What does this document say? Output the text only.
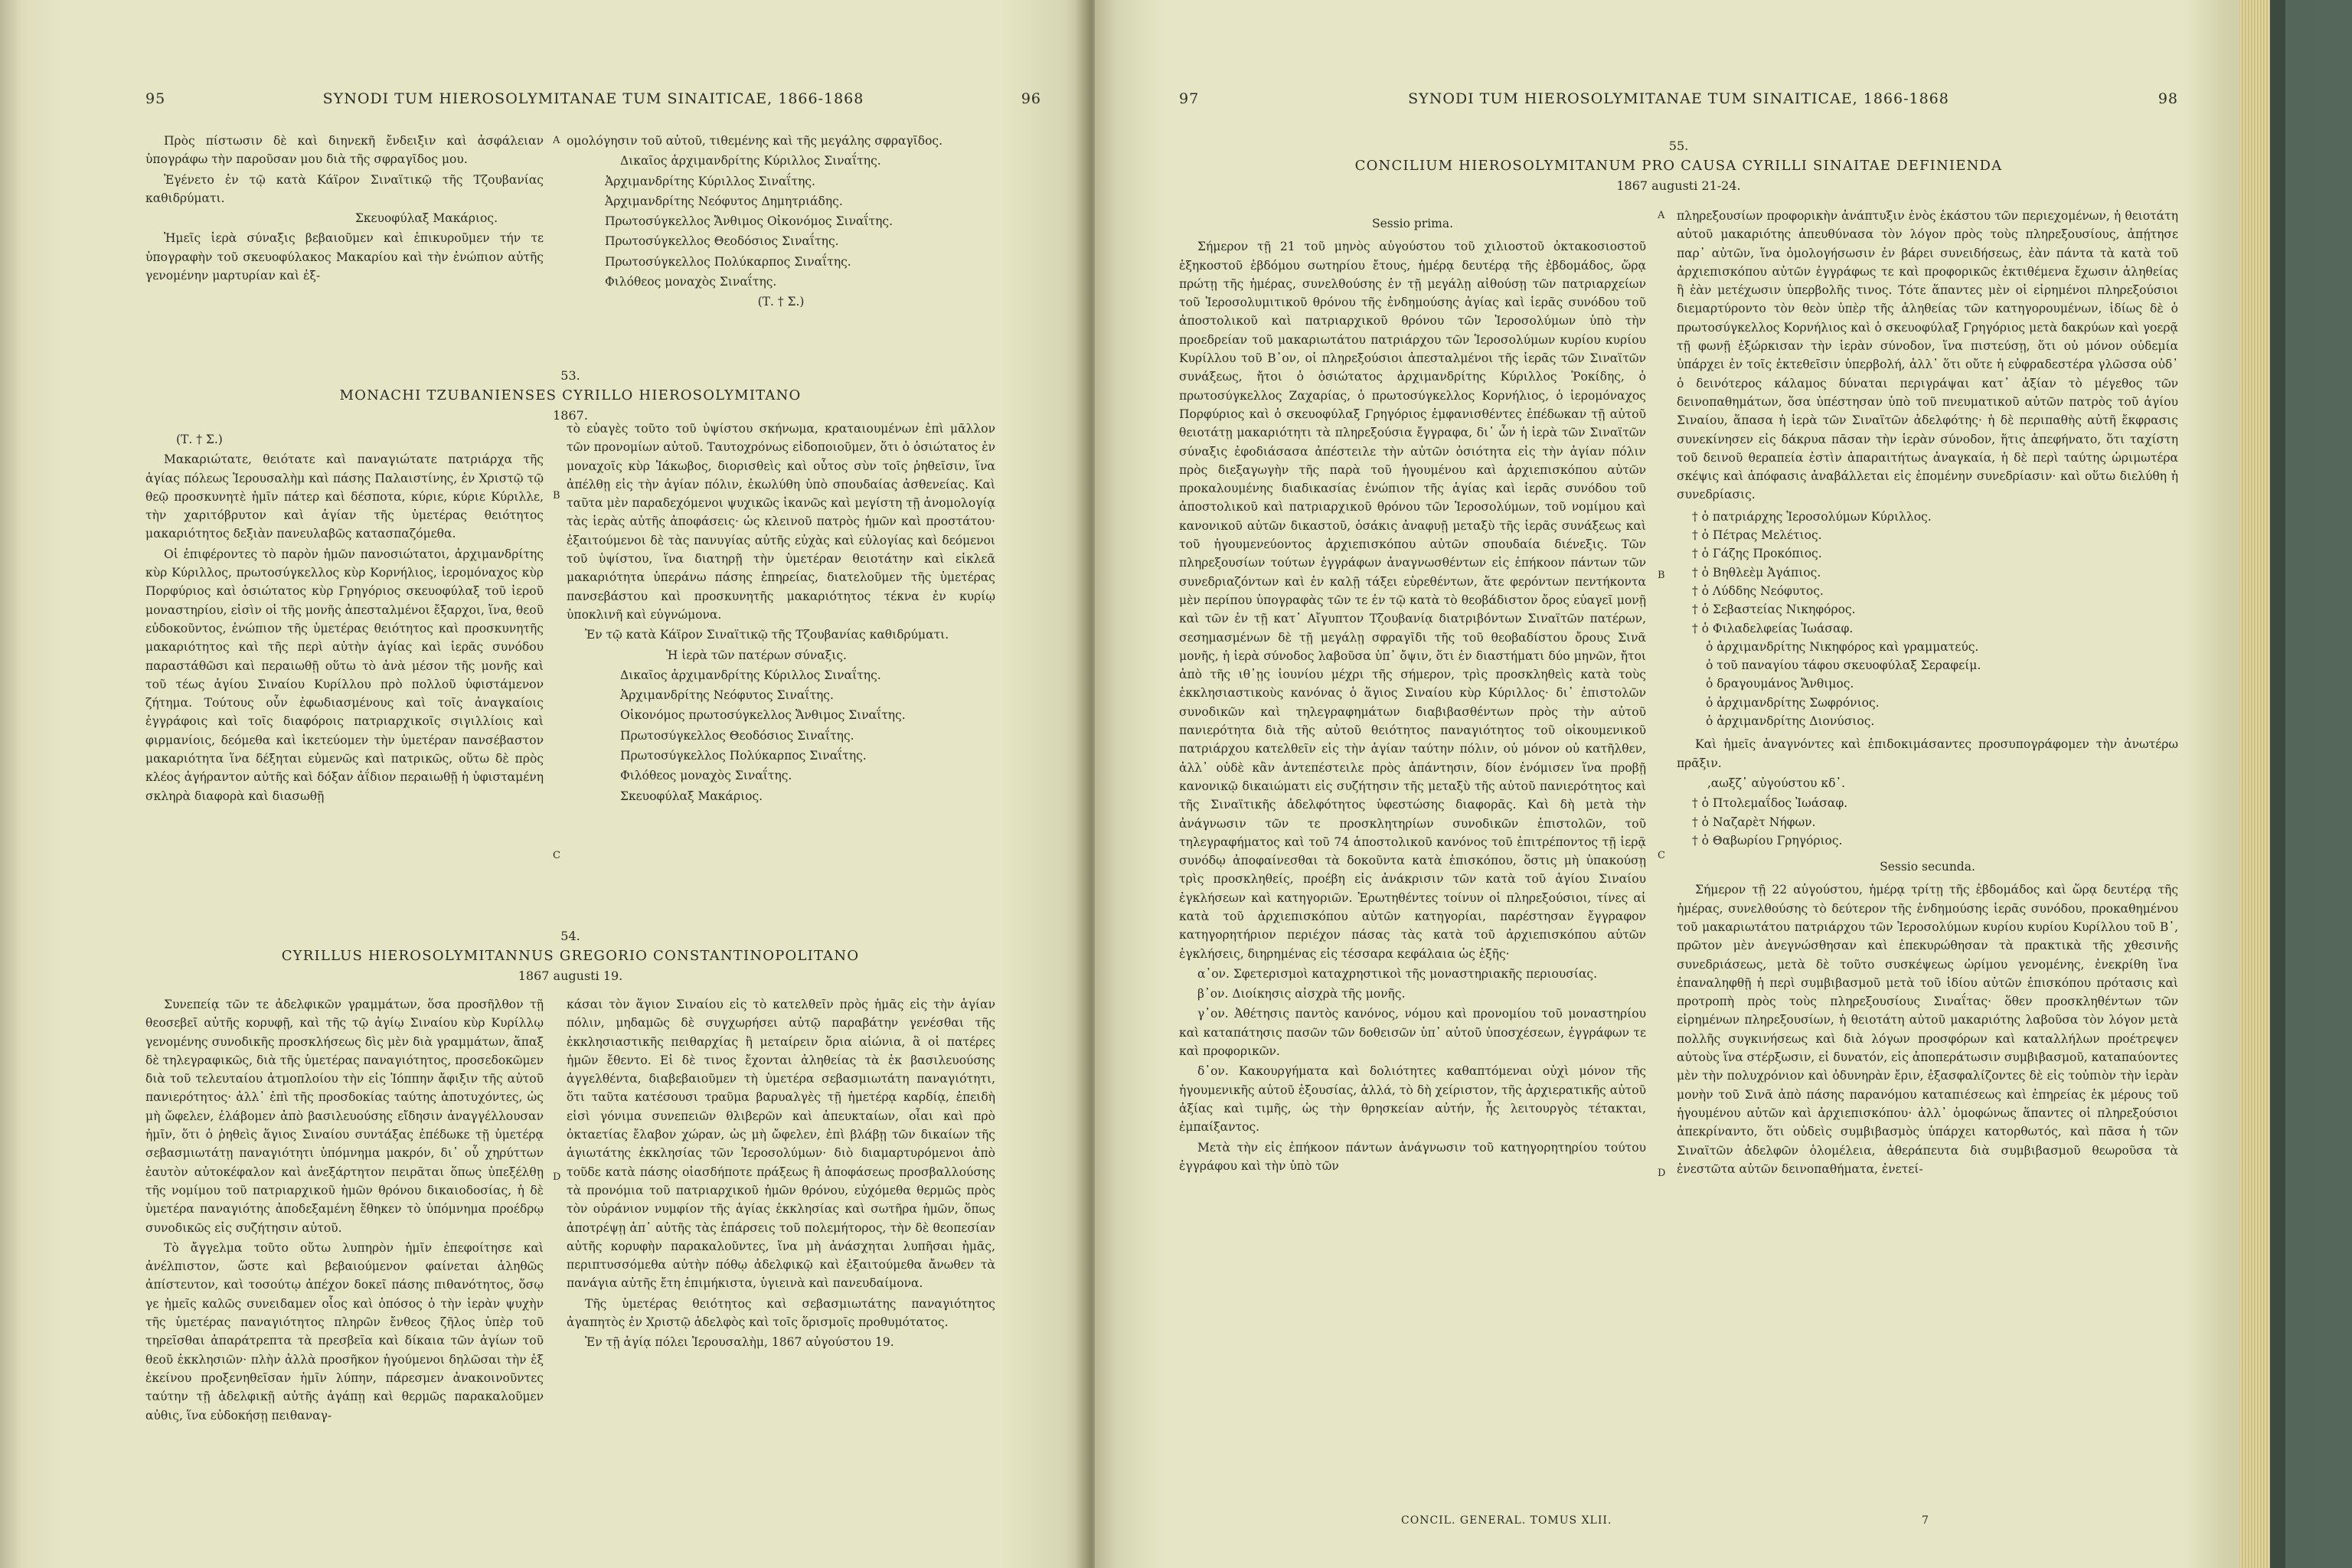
95	SYNODI TUM HIEROSOLYMITANAE TUM SINAITICAE, 1866-1868	96

Πρὸς πίστωσιν δὲ καὶ διηνεκῆ ἔνδειξιν καὶ ἀσφάλειαν ὑπογράφω τὴν παροῦσαν μου διὰ τῆς σφραγῖδος μου.

Ἐγένετο ἐν τῷ κατὰ Κάϊρον Σιναϊτικῷ τῆς Τζουβανίας καθιδρύματι.

Σκευοφύλαξ Μακάριος.

Ἡμεῖς ἱερὰ σύναξις βεβαιοῦμεν καὶ ἐπικυροῦμεν τήν τε ὑπογραφὴν τοῦ σκευοφύλακος Μακαρίου καὶ τὴν ἐνώπιον αὐτῆς γενομένην μαρτυρίαν καὶ ἐξ-

ομολόγησιν τοῦ αὐτοῦ, τιθεμένης καὶ τῆς μεγάλης σφραγῖδος.

Δικαῖος ἀρχιμανδρίτης Κύριλλος Σιναΐτης.

Ἀρχιμανδρίτης Κύριλλος Σιναΐτης.

Ἀρχιμανδρίτης Νεόφυτος Δημητριάδης.

Πρωτοσύγκελλος Ἄνθιμος Οἰκονόμος Σιναΐτης.

Πρωτοσύγκελλος Θεοδόσιος Σιναΐτης.

Πρωτοσύγκελλος Πολύκαρπος Σιναΐτης.

Φιλόθεος μοναχὸς Σιναΐτης.

(Τ. † Σ.)

A
53.
MONACHI TZUBANIENSES CYRILLO HIEROSOLYMITANO
1867.

(Τ. † Σ.)

Μακαριώτατε, θειότατε καὶ παναγιώτατε πατριάρχα τῆς ἁγίας πόλεως Ἱερουσαλὴμ καὶ πάσης Παλαιστίνης, ἐν Χριστῷ τῷ θεῷ προσκυνητὲ ἡμῖν πάτερ καὶ δέσποτα, κύριε, κύριε Κύριλλε, τὴν χαριτόβρυτον καὶ ἁγίαν τῆς ὑμετέρας θειότητος μακαριότητος δεξιὰν πανευλαβῶς κατασπαζόμεθα.

Οἱ ἐπιφέροντες τὸ παρὸν ἡμῶν πανοσιώτατοι, ἀρχιμανδρίτης κὺρ Κύριλλος, πρωτοσύγκελλος κὺρ Κορνήλιος, ἱερομόναχος κὺρ Πορφύριος καὶ ὁσιώτατος κὺρ Γρηγόριος σκευοφύλαξ τοῦ ἱεροῦ μοναστηρίου, εἰσὶν οἱ τῆς μονῆς ἀπεσταλμένοι ἔξαρχοι, ἵνα, θεοῦ εὐδοκοῦντος, ἐνώπιον τῆς ὑμετέρας θειότητος καὶ προσκυνητῆς μακαριότητος καὶ τῆς περὶ αὐτὴν ἁγίας καὶ ἱερᾶς συνόδου παραστάθῶσι καὶ περαιωθῇ οὕτω τὸ ἀνὰ μέσον τῆς μονῆς καὶ τοῦ τέως ἁγίου Σιναίου Κυρίλλου πρὸ πολλοῦ ὑφιστάμενον ζήτημα. Τούτους οὖν ἐφωδιασμένους καὶ τοῖς ἀναγκαίοις ἐγγράφοις καὶ τοῖς διαφόροις πατριαρχικοῖς σιγιλλίοις καὶ φιρμανίοις, δεόμεθα καὶ ἱκετεύομεν τὴν ὑμετέραν πανσέβαστον μακαριότητα ἵνα δέξηται εὐμενῶς καὶ πατρικῶς, οὕτω δὲ πρὸς κλέος ἀγήραντον αὐτῆς καὶ δόξαν ἀΐδιον περαιωθῇ ἡ ὑφισταμένη σκληρὰ διαφορὰ καὶ διασωθῇ

τὸ εὐαγὲς τοῦτο τοῦ ὑψίστου σκήνωμα, κραταιουμένων ἐπὶ μᾶλλον τῶν προνομίων αὐτοῦ. Ταυτοχρόνως εἰδοποιοῦμεν, ὅτι ὁ ὁσιώτατος ἐν μοναχοῖς κὺρ Ἰάκωβος, διορισθεὶς καὶ οὗτος σὺν τοῖς ῥηθεῖσιν, ἵνα ἀπέλθῃ εἰς τὴν ἁγίαν πόλιν, ἐκωλύθη ὑπὸ σπουδαίας ἀσθενείας. Καὶ ταῦτα μὲν παραδεχόμενοι ψυχικῶς ἱκανῶς καὶ μεγίστη τῇ ἀνομολογίᾳ τὰς ἱερὰς αὐτῆς ἀποφάσεις· ὡς κλεινοῦ πατρὸς ἡμῶν καὶ προστάτου· ἐξαιτούμενοι δὲ τὰς πανυγίας αὐτῆς εὐχὰς καὶ εὐλογίας καὶ δεόμενοι τοῦ ὑψίστου, ἵνα διατηρῇ τὴν ὑμετέραν θειοτάτην καὶ εἰκλεᾶ μακαριότητα ὑπεράνω πάσης ἐπηρείας, διατελοῦμεν τῆς ὑμετέρας πανσεβάστου καὶ προσκυνητῆς μακαριότητος τέκνα ἐν κυρίῳ ὑποκλινῆ καὶ εὐγνώμονα.

Ἐν τῷ κατὰ Κάϊρον Σιναϊτικῷ τῆς Τζουβανίας καθιδρύματι.

Ἡ ἱερὰ τῶν πατέρων σύναξις.

Δικαῖος ἀρχιμανδρίτης Κύριλλος Σιναΐτης.

Ἀρχιμανδρίτης Νεόφυτος Σιναΐτης.

Οἰκονόμος πρωτοσύγκελλος Ἄνθιμος Σιναΐτης.

Πρωτοσύγκελλος Θεοδόσιος Σιναΐτης.

Πρωτοσύγκελλος Πολύκαρπος Σιναΐτης.

Φιλόθεος μοναχὸς Σιναΐτης.

Σκευοφύλαξ Μακάριος.

B
C
54.
CYRILLUS HIEROSOLYMITANNUS GREGORIO CONSTANTINOPOLITANO
1867 augusti 19.

Συνεπείᾳ τῶν τε ἀδελφικῶν γραμμάτων, ὅσα προσῆλθον τῇ θεοσεβεῖ αὐτῆς κορυφῇ, καὶ τῆς τῷ ἁγίῳ Σιναίου κὺρ Κυρίλλῳ γενομένης συνοδικῆς προσκλήσεως δὶς μὲν διὰ γραμμάτων, ἅπαξ δὲ τηλεγραφικῶς, διὰ τῆς ὑμετέρας παναγιότητος, προσεδοκῶμεν διὰ τοῦ τελευταίου ἀτμοπλοίου τὴν εἰς Ἰόππην ἄφιξιν τῆς αὐτοῦ πανιερότητος· ἀλλ᾽ ἐπὶ τῆς προσδοκίας ταύτης ἀποτυχόντες, ὡς μὴ ὤφελεν, ἐλάβομεν ἀπὸ βασιλευούσης εἴδησιν ἀναγγέλλουσαν ἡμῖν, ὅτι ὁ ῥηθεὶς ἅγιος Σιναίου συντάξας ἐπέδωκε τῇ ὑμετέρᾳ σεβασμιωτάτῃ παναγιότητι ὑπόμνημα μακρόν, δι᾽ οὗ χηρύττων ἑαυτὸν αὐτοκέφαλον καὶ ἀνεξάρτητον πειρᾶται ὅπως ὑπεξέλθῃ τῆς νομίμου τοῦ πατριαρχικοῦ ἡμῶν θρόνου δικαιοδοσίας, ἡ δὲ ὑμετέρα παναγιότης ἀποδεξαμένη ἔθηκεν τὸ ὑπόμνημα προέδρῳ συνοδικῶς εἰς συζήτησιν αὐτοῦ.

Τὸ ἄγγελμα τοῦτο οὕτω λυπηρὸν ἡμῖν ἐπεφοίτησε καὶ ἀνέλπιστον, ὥστε καὶ βεβαιούμενον φαίνεται ἀληθῶς ἀπίστευτον, καὶ τοσούτῳ ἀπέχον δοκεῖ πάσης πιθανότητος, ὅσῳ γε ἡμεῖς καλῶς συνειδαμεν οἷος καὶ ὁπόσος ὁ τὴν ἱερὰν ψυχὴν τῆς ὑμετέρας παναγιότητος πληρῶν ἔνθεος ζῆλος ὑπὲρ τοῦ τηρεῖσθαι ἀπαράτρεπτα τὰ πρεσβεῖα καὶ δίκαια τῶν ἁγίων τοῦ θεοῦ ἐκκλησιῶν· πλὴν ἀλλὰ προσῆκον ἡγούμενοι δηλῶσαι τὴν ἐξ ἐκείνου προξενηθεῖσαν ἡμῖν λύπην, πάρεσμεν ἀνακοινοῦντες ταύτην τῇ ἀδελφικῇ αὐτῆς ἀγάπῃ καὶ θερμῶς παρακαλοῦμεν αὐθις, ἵνα εὐδοκήσῃ πειθαναγ-

κάσαι τὸν ἅγιον Σιναίου εἰς τὸ κατελθεῖν πρὸς ἡμᾶς εἰς τὴν ἁγίαν πόλιν, μηδαμῶς δὲ συγχωρήσει αὐτῷ παραβάτην γενέσθαι τῆς ἐκκλησιαστικῆς πειθαρχίας ἢ μεταίρειν ὅρια αἰώνια, ἃ οἱ πατέρες ἡμῶν ἔθεντο. Εἰ δὲ τινος ἔχονται ἀληθείας τὰ ἐκ βασιλευούσης ἀγγελθέντα, διαβεβαιοῦμεν τὴ ὑμετέρα σεβασμιωτάτη παναγιότητι, ὅτι ταῦτα κατέσουσι τραῦμα βαρυαλγὲς τῇ ἡμετέρᾳ καρδίᾳ, ἐπειδὴ εἰσὶ γόνιμα συνεπειῶν θλιβερῶν καὶ ἀπευκταίων, οἷαι καὶ πρὸ ὀκταετίας ἔλαβον χώραν, ὡς μὴ ὤφελεν, ἐπὶ βλάβῃ τῶν δικαίων τῆς ἁγιωτάτης ἐκκλησίας τῶν Ἱεροσολύμων· διὸ διαμαρτυρόμενοι ἀπὸ τοῦδε κατὰ πάσης οἱασδήποτε πράξεως ἢ ἀποφάσεως προσβαλλούσης τὰ προνόμια τοῦ πατριαρχικοῦ ἡμῶν θρόνου, εὐχόμεθα θερμῶς πρὸς τὸν οὐράνιον νυμφίον τῆς ἁγίας ἐκκλησίας καὶ σωτῆρα ἡμῶν, ὅπως ἀποτρέψῃ ἀπ᾽ αὐτῆς τὰς ἐπάρσεις τοῦ πολεμήτορος, τὴν δὲ θεοπεσίαν αὐτῆς κορυφὴν παρακαλοῦντες, ἵνα μὴ ἀνάσχηται λυπῆσαι ἡμᾶς, περιπτυσσόμεθα αὐτὴν πόθῳ ἀδελφικῷ καὶ ἐξαιτούμεθα ἄνωθεν τὰ πανάγια αὐτῆς ἔτη ἐπιμήκιστα, ὑγιεινὰ καὶ πανευδαίμονα.

Τῆς ὑμετέρας θειότητος καὶ σεβασμιωτάτης παναγιότητος ἀγαπητὸς ἐν Χριστῷ ἀδελφὸς καὶ τοῖς ὅρισμοῖς προθυμότατος.

Ἐν τῇ ἁγίᾳ πόλει Ἱερουσαλὴμ, 1867 αὐγούστου 19.

D
97	SYNODI TUM HIEROSOLYMITANAE TUM SINAITICAE, 1866-1868	98
55.
CONCILIUM HIEROSOLYMITANUM PRO CAUSA CYRILLI SINAITAE DEFINIENDA
1867 augusti 21-24.

Sessio prima.

Σήμερον τῇ 21 τοῦ μηνὸς αὐγούστου τοῦ χιλιοστοῦ ὀκτακοσιοστοῦ ἑξηκοστοῦ ἑβδόμου σωτηρίου ἔτους, ἡμέρᾳ δευτέρᾳ τῆς ἑβδομάδος, ὥρᾳ πρώτῃ τῆς ἡμέρας, συνελθούσης ἐν τῇ μεγάλῃ αἰθούσῃ τῶν πατριαρχείων τοῦ Ἱεροσολυμιτικοῦ θρόνου τῆς ἐνδημούσης ἁγίας καὶ ἱερᾶς συνόδου τοῦ ἀποστολικοῦ καὶ πατριαρχικοῦ θρόνου τῶν Ἱεροσολύμων ὑπὸ τὴν προεδρείαν τοῦ μακαριωτάτου πατριάρχου τῶν Ἱεροσολύμων κυρίου κυρίου Κυρίλλου τοῦ Β᾽ον, οἱ πληρεξούσιοι ἀπεσταλμένοι τῆς ἱερᾶς τῶν Σιναϊτῶν συνάξεως, ἤτοι ὁ ὁσιώτατος ἀρχιμανδρίτης Κύριλλος Ῥοκίδης, ὁ πρωτοσύγκελλος Ζαχαρίας, ὁ πρωτοσύγκελλος Κορνήλιος, ὁ ἱερομόναχος Πορφύριος καὶ ὁ σκευοφύλαξ Γρηγόριος ἐμφανισθέντες ἐπέδωκαν τῇ αὐτοῦ θειοτάτῃ μακαριότητι τὰ πληρεξούσια ἔγγραφα, δι᾽ ὧν ἡ ἱερὰ τῶν Σιναϊτῶν σύναξις ἐφοδιάσασα ἀπέστειλε τὴν αὐτῶν ὁσιότητα εἰς τὴν ἁγίαν πόλιν πρὸς διεξαγωγὴν τῆς παρὰ τοῦ ἡγουμένου καὶ ἀρχιεπισκόπου αὐτῶν προκαλουμένης διαδικασίας ἐνώπιον τῆς ἁγίας καὶ ἱερᾶς συνόδου τοῦ ἀποστολικοῦ καὶ πατριαρχικοῦ θρόνου τῶν Ἱεροσολύμων, τοῦ νομίμου καὶ κανονικοῦ αὐτῶν δικαστοῦ, ὁσάκις ἀναφυῇ μεταξὺ τῆς ἱερᾶς συνάξεως καὶ τοῦ ἡγουμενεύοντος ἀρχιεπισκόπου αὐτῶν σπουδαία διένεξις. Τῶν πληρεξουσίων τούτων ἐγγράφων ἀναγνωσθέντων εἰς ἐπήκοον πάντων τῶν συνεδριαζόντων καὶ ἐν καλῇ τάξει εὑρεθέντων, ἅτε φερόντων πεντήκοντα μὲν περίπου ὑπογραφὰς τῶν τε ἐν τῷ κατὰ τὸ θεοβάδιστον ὄρος εὐαγεῖ μονῇ καὶ τῶν ἐν τῇ κατ᾽ Αἴγυπτον Τζουβανίᾳ διατριβόντων Σιναϊτῶν πατέρων, σεσημασμένων δὲ τῇ μεγάλῃ σφραγῖδι τῆς τοῦ θεοβαδίστου ὄρους Σινᾶ μονῆς, ἡ ἱερὰ σύνοδος λαβοῦσα ὑπ᾽ ὄψιν, ὅτι ἐν διαστήματι δύο μηνῶν, ἤτοι ἀπὸ τῆς ιθ᾽ῃς ἰουνίου μέχρι τῆς σήμερον, τρὶς προσκληθεὶς κατὰ τοὺς ἐκκλησιαστικοὺς κανόνας ὁ ἅγιος Σιναίου κὺρ Κύριλλος· δι᾽ ἐπιστολῶν συνοδικῶν καὶ τηλεγραφημάτων διαβιβασθέντων πρὸς τὴν αὐτοῦ πανιερότητα διὰ τῆς αὐτοῦ θειότητος παναγιότητος τοῦ οἰκουμενικοῦ πατριάρχου κατελθεῖν εἰς τὴν ἁγίαν ταύτην πόλιν, οὐ μόνον οὐ κατῆλθεν, ἀλλ᾽ οὐδὲ κἂν ἀντεπέστειλε πρὸς ἀπάντησιν, δίον ἐνόμισεν ἵνα προβῇ κανονικῷ δικαιώματι εἰς συζήτησιν τῆς μεταξὺ τῆς αὐτοῦ πανιερότητος καὶ τῆς Σιναϊτικῆς ἀδελφότητος ὑφεστώσης διαφορᾶς. Καὶ δὴ μετὰ τὴν ἀνάγνωσιν τῶν τε προσκλητηρίων συνοδικῶν ἐπιστολῶν, τοῦ τηλεγραφήματος καὶ τοῦ 74 ἀποστολικοῦ κανόνος τοῦ ἐπιτρέποντος τῇ ἱερᾷ συνόδῳ ἀποφαίνεσθαι τὰ δοκοῦντα κατὰ ἐπισκόπου, ὅστις μὴ ὑπακούσῃ τρὶς προσκληθείς, προέβη εἰς ἀνάκρισιν τῶν κατὰ τοῦ ἁγίου Σιναίου ἐγκλήσεων καὶ κατηγοριῶν. Ἐρωτηθέντες τοίνυν οἱ πληρεξούσιοι, τίνες αἱ κατὰ τοῦ ἀρχιεπισκόπου αὐτῶν κατηγορίαι, παρέστησαν ἔγγραφον κατηγορητήριον περιέχον πάσας τὰς κατὰ τοῦ ἀρχιεπισκόπου αὐτῶν ἐγκλήσεις, διηρημένας εἰς τέσσαρα κεφάλαια ὡς ἑξῆς·

α᾽ον. Σφετερισμοὶ καταχρηστικοὶ τῆς μοναστηριακῆς περιουσίας.

β᾽ον. Διοίκησις αἰσχρὰ τῆς μονῆς.

γ᾽ον. Ἀθέτησις παντὸς κανόνος, νόμου καὶ προνομίου τοῦ μοναστηρίου καὶ καταπάτησις πασῶν τῶν δοθεισῶν ὑπ᾽ αὐτοῦ ὑποσχέσεων, ἐγγράφων τε καὶ προφορικῶν.

δ᾽ον. Κακουργήματα καὶ δολιότητες καθαπτόμεναι οὐχὶ μόνον τῆς ἡγουμενικῆς αὐτοῦ ἐξουσίας, ἀλλά, τὸ δὴ χείριστον, τῆς ἀρχιερατικῆς αὐτοῦ ἀξίας καὶ τιμῆς, ὡς τὴν θρησκείαν αὐτήν, ἧς λειτουργὸς τέτακται, ἐμπαίξαντος.

Μετὰ τὴν εἰς ἐπήκοον πάντων ἀνάγνωσιν τοῦ κατηγορητηρίου τούτου ἐγγράφου καὶ τὴν ὑπὸ τῶν

πληρεξουσίων προφορικὴν ἀνάπτυξιν ἑνὸς ἑκάστου τῶν περιεχομένων, ἡ θειοτάτη αὐτοῦ μακαριότης ἀπευθύνασα τὸν λόγον πρὸς τοὺς πληρεξουσίους, ἀπῄτησε παρ᾽ αὐτῶν, ἵνα ὁμολογήσωσιν ἐν βάρει συνειδήσεως, ἐὰν πάντα τὰ κατὰ τοῦ ἀρχιεπισκόπου αὐτῶν ἐγγράφως τε καὶ προφορικῶς ἐκτιθέμενα ἔχωσιν ἀληθείας ἢ ἐὰν μετέχωσιν ὑπερβολῆς τινος. Τότε ἅπαντες μὲν οἱ εἰρημένοι πληρεξούσιοι διεμαρτύροντο τὸν θεὸν ὑπὲρ τῆς ἀληθείας τῶν κατηγορουμένων, ἰδίως δὲ ὁ πρωτοσύγκελλος Κορνήλιος καὶ ὁ σκευοφύλαξ Γρηγόριος μετὰ δακρύων καὶ γοερᾷ τῇ φωνῇ ἐξώρκισαν τὴν ἱερὰν σύνοδον, ἵνα πιστεύσῃ, ὅτι οὐ μόνον οὐδεμία ὑπάρχει ἐν τοῖς ἐκτεθεῖσιν ὑπερβολή, ἀλλ᾽ ὅτι οὔτε ἡ εὐφραδεστέρα γλῶσσα οὐδ᾽ ὁ δεινότερος κάλαμος δύναται περιγράψαι κατ᾽ ἀξίαν τὸ μέγεθος τῶν δεινοπαθημάτων, ὅσα ὑπέστησαν ὑπὸ τοῦ πνευματικοῦ αὐτῶν πατρὸς τοῦ ἁγίου Σιναίου, ἅπασα ἡ ἱερὰ τῶν Σιναϊτῶν ἀδελφότης· ἡ δὲ περιπαθὴς αὐτῆ ἔκφρασις συνεκίνησεν εἰς δάκρυα πᾶσαν τὴν ἱερὰν σύνοδον, ἥτις ἀπεφήνατο, ὅτι ταχίστη τοῦ δεινοῦ θεραπεία ἐστὶν ἀπαραιτήτως ἀναγκαία, ἡ δὲ περὶ ταύτης ὡριμωτέρα σκέψις καὶ ἀπόφασις ἀναβάλλεται εἰς ἐπομένην συνεδρίασιν· καὶ οὕτω διελύθη ἡ συνεδρίασις.

† ὁ πατριάρχης Ἱεροσολύμων Κύριλλος.
† ὁ Πέτρας Μελέτιος.
† ὁ Γάζης Προκόπιος.
† ὁ Βηθλεὲμ Ἀγάπιος.
† ὁ Λύδδης Νεόφυτος.
† ὁ Σεβαστείας Νικηφόρος.
† ὁ Φιλαδελφείας Ἰωάσαφ.
ὁ ἀρχιμανδρίτης Νικηφόρος καὶ γραμματεύς.
ὁ τοῦ παναγίου τάφου σκευοφύλαξ Σεραφείμ.
ὁ δραγουμάνος Ἄνθιμος.
ὁ ἀρχιμανδρίτης Σωφρόνιος.
ὁ ἀρχιμανδρίτης Διονύσιος.

Καὶ ἡμεῖς ἀναγνόντες καὶ ἐπιδοκιμάσαντες προσυπογράφομεν τὴν ἀνωτέρω πρᾶξιν.

,αωξζ᾽ αὐγούστου κδ᾽.

† ὁ Πτολεμαΐδος Ἰωάσαφ.
† ὁ Ναζαρὲτ Νήφων.
† ὁ Θαβωρίου Γρηγόριος.

Sessio secunda.

Σήμερον τῇ 22 αὐγούστου, ἡμέρᾳ τρίτῃ τῆς ἑβδομάδος καὶ ὥρᾳ δευτέρᾳ τῆς ἡμέρας, συνελθούσης τὸ δεύτερον τῆς ἐνδημούσης ἱερᾶς συνόδου, προκαθημένου τοῦ μακαριωτάτου πατριάρχου τῶν Ἱεροσολύμων κυρίου κυρίου Κυρίλλου τοῦ Β᾽, πρῶτον μὲν ἀνεγνώσθησαν καὶ ἐπεκυρώθησαν τὰ πρακτικὰ τῆς χθεσινῆς συνεδριάσεως, μετὰ δὲ τοῦτο συσκέψεως ὡρίμου γενομένης, ἐνεκρίθη ἵνα ἐπαναληφθῇ ἡ περὶ συμβιβασμοῦ μετὰ τοῦ ἰδίου αὐτῶν ἐπισκόπου πρότασις καὶ προτροπὴ πρὸς τοὺς πληρεξουσίους Σιναΐτας· ὅθεν προσκληθέντων τῶν εἰρημένων πληρεξουσίων, ἡ θειοτάτη αὐτοῦ μακαριότης λαβοῦσα τὸν λόγον μετὰ πολλῆς συγκινήσεως καὶ διὰ λόγων προσφόρων καὶ καταλλήλων προέτρεψεν αὐτοὺς ἵνα στέρξωσιν, εἰ δυνατόν, εἰς ἀποπεράτωσιν συμβιβασμοῦ, καταπαύοντες μὲν τὴν πολυχρόνιον καὶ ὀδυνηρὰν ἔριν, ἐξασφαλίζοντες δὲ εἰς τοὐπιὸν τὴν ἱερὰν μονὴν τοῦ Σινᾶ ἀπὸ πάσης παρανόμου καταπιέσεως καὶ ἐπηρείας ἐκ μέρους τοῦ ἡγουμένου αὐτῶν καὶ ἀρχιεπισκόπου· ἀλλ᾽ ὁμοφώνως ἅπαντες οἱ πληρεξούσιοι ἀπεκρίναντο, ὅτι οὐδεὶς συμβιβασμὸς ὑπάρχει κατορθωτός, καὶ πᾶσα ἡ τῶν Σιναϊτῶν ἀδελφῶν ὁλομέλεια, ἀθεράπευτα διὰ συμβιβασμοῦ θεωροῦσα τὰ ἐνεστῶτα αὐτῶν δεινοπαθήματα, ἐνετεί-

A
B
C
D
CONCIL. GENERAL. TOMUS XLII.	7
